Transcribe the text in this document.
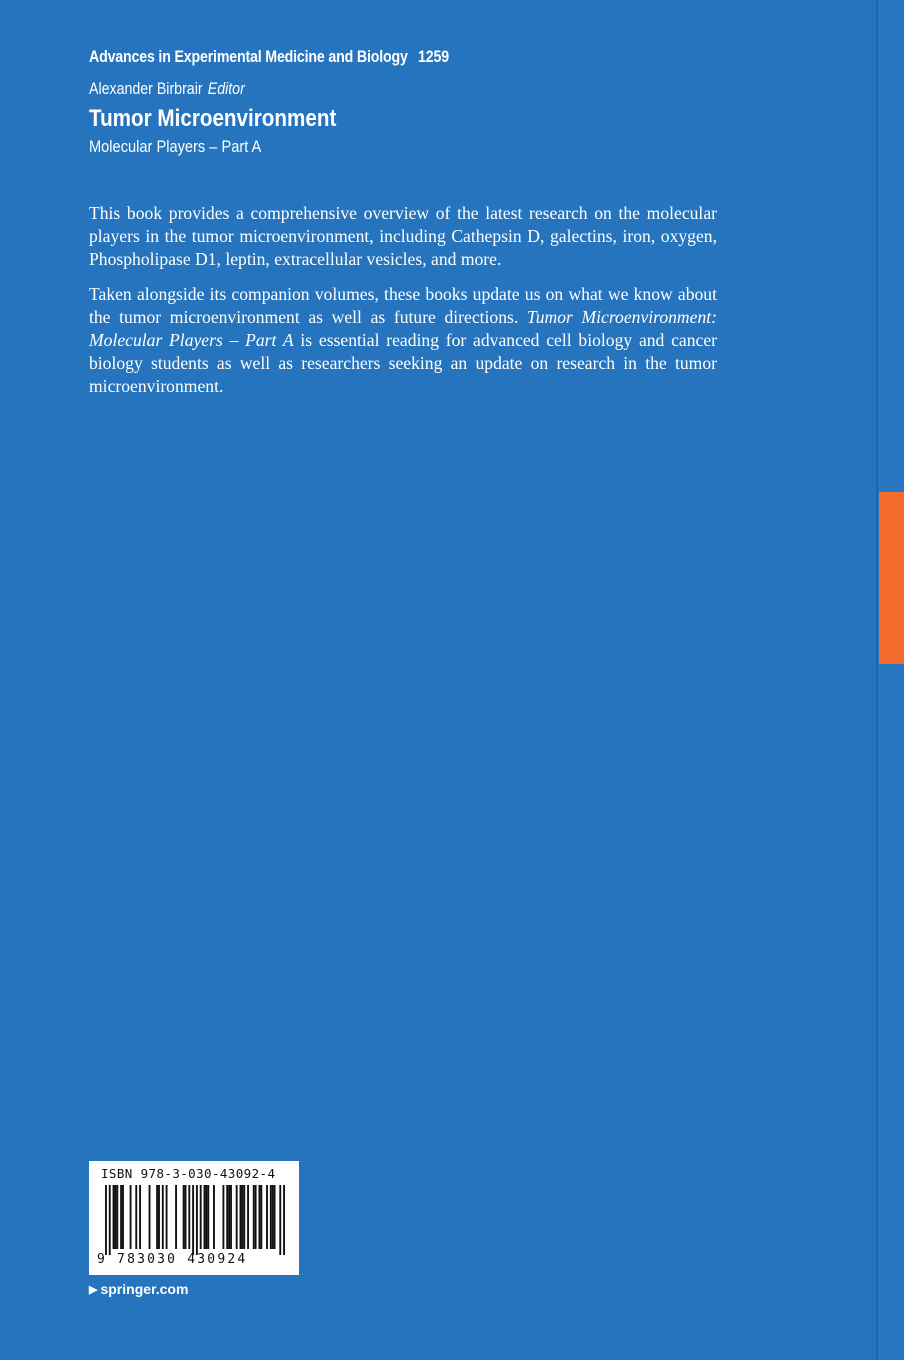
Advances in Experimental Medicine and Biology 1259
Alexander Birbrair Editor
Tumor Microenvironment
Molecular Players – Part A

This book provides a comprehensive overview of the latest research on the molecular players in the tumor microenvironment, including Cathepsin D, galectins, iron, oxygen, Phospholipase D1, leptin, extracellular vesicles, and more.

Taken alongside its companion volumes, these books update us on what we know about the tumor microenvironment as well as future directions. Tumor Microenvironment: Molecular Players – Part A is essential reading for advanced cell biology and cancer biology students as well as researchers seeking an update on research in the tumor microenvironment.

ISBN 978-3-030-43092-4
9 783030 430924
▶ springer.com
